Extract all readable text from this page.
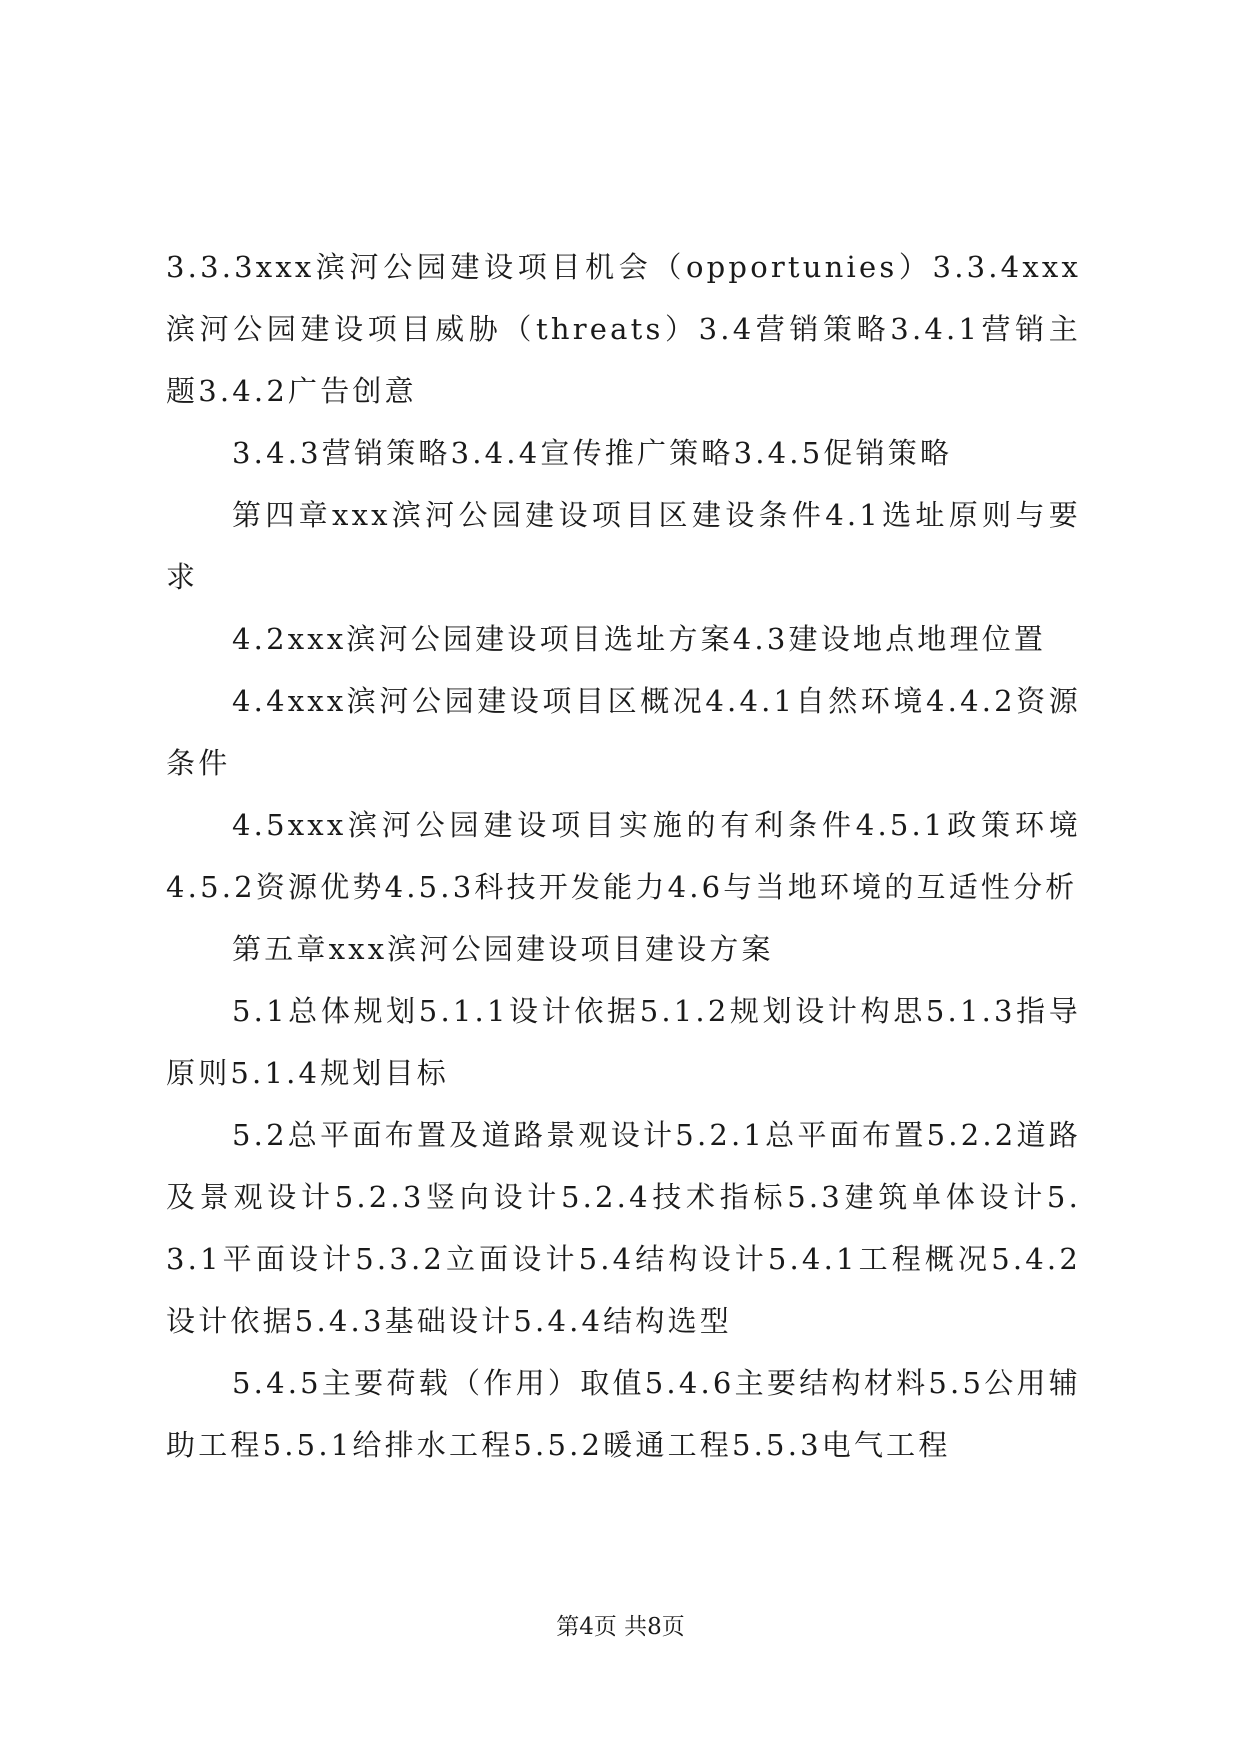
3.3.3xxx滨河公园建设项目机会（opportunies）3.3.4xxx滨河公园建设项目威胁（threats）3.4营销策略3.4.1营销主题3.4.2广告创意

3.4.3营销策略3.4.4宣传推广策略3.4.5促销策略

第四章xxx滨河公园建设项目区建设条件4.1选址原则与要求

4.2xxx滨河公园建设项目选址方案4.3建设地点地理位置

4.4xxx滨河公园建设项目区概况4.4.1自然环境4.4.2资源条件

4.5xxx滨河公园建设项目实施的有利条件4.5.1政策环境4.5.2资源优势4.5.3科技开发能力4.6与当地环境的互适性分析

第五章xxx滨河公园建设项目建设方案

5.1总体规划5.1.1设计依据5.1.2规划设计构思5.1.3指导原则5.1.4规划目标

5.2总平面布置及道路景观设计5.2.1总平面布置5.2.2道路及景观设计5.2.3竖向设计5.2.4技术指标5.3建筑单体设计5.3.1平面设计5.3.2立面设计5.4结构设计5.4.1工程概况5.4.2设计依据5.4.3基础设计5.4.4结构选型

5.4.5主要荷载（作用）取值5.4.6主要结构材料5.5公用辅助工程5.5.1给排水工程5.5.2暖通工程5.5.3电气工程

第4页 共8页
